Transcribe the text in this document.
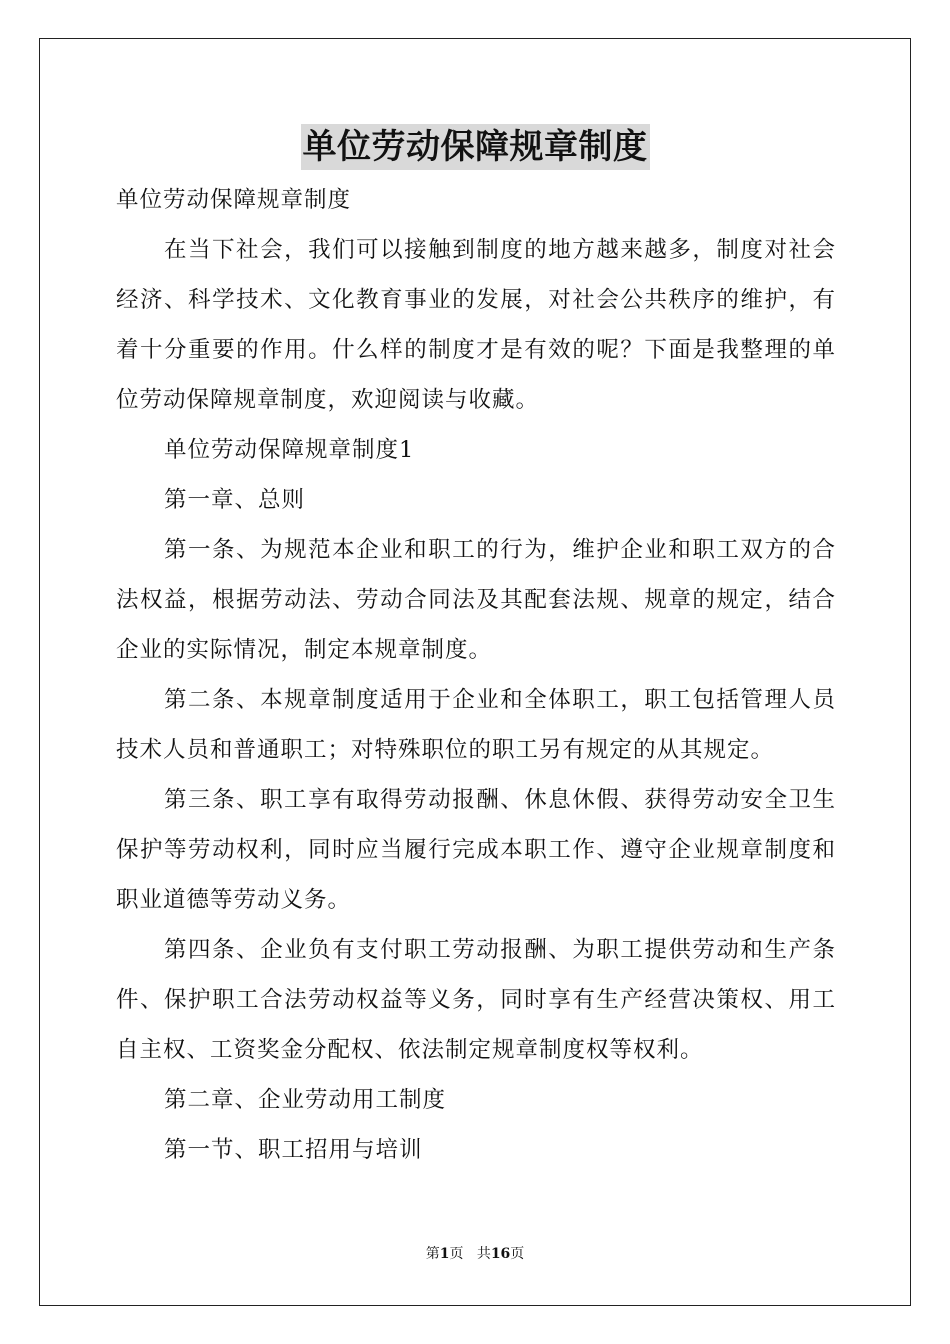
单位劳动保障规章制度

单位劳动保障规章制度

在当下社会，我们可以接触到制度的地方越来越多，制度对社会经济、科学技术、文化教育事业的发展，对社会公共秩序的维护，有着十分重要的作用。什么样的制度才是有效的呢？下面是我整理的单位劳动保障规章制度，欢迎阅读与收藏。

单位劳动保障规章制度1

第一章、总则

第一条、为规范本企业和职工的行为，维护企业和职工双方的合法权益，根据劳动法、劳动合同法及其配套法规、规章的规定，结合企业的实际情况，制定本规章制度。

第二条、本规章制度适用于企业和全体职工，职工包括管理人员技术人员和普通职工；对特殊职位的职工另有规定的从其规定。

第三条、职工享有取得劳动报酬、休息休假、获得劳动安全卫生保护等劳动权利，同时应当履行完成本职工作、遵守企业规章制度和职业道德等劳动义务。

第四条、企业负有支付职工劳动报酬、为职工提供劳动和生产条件、保护职工合法劳动权益等义务，同时享有生产经营决策权、用工自主权、工资奖金分配权、依法制定规章制度权等权利。

第二章、企业劳动用工制度

第一节、职工招用与培训

第1页 共16页
